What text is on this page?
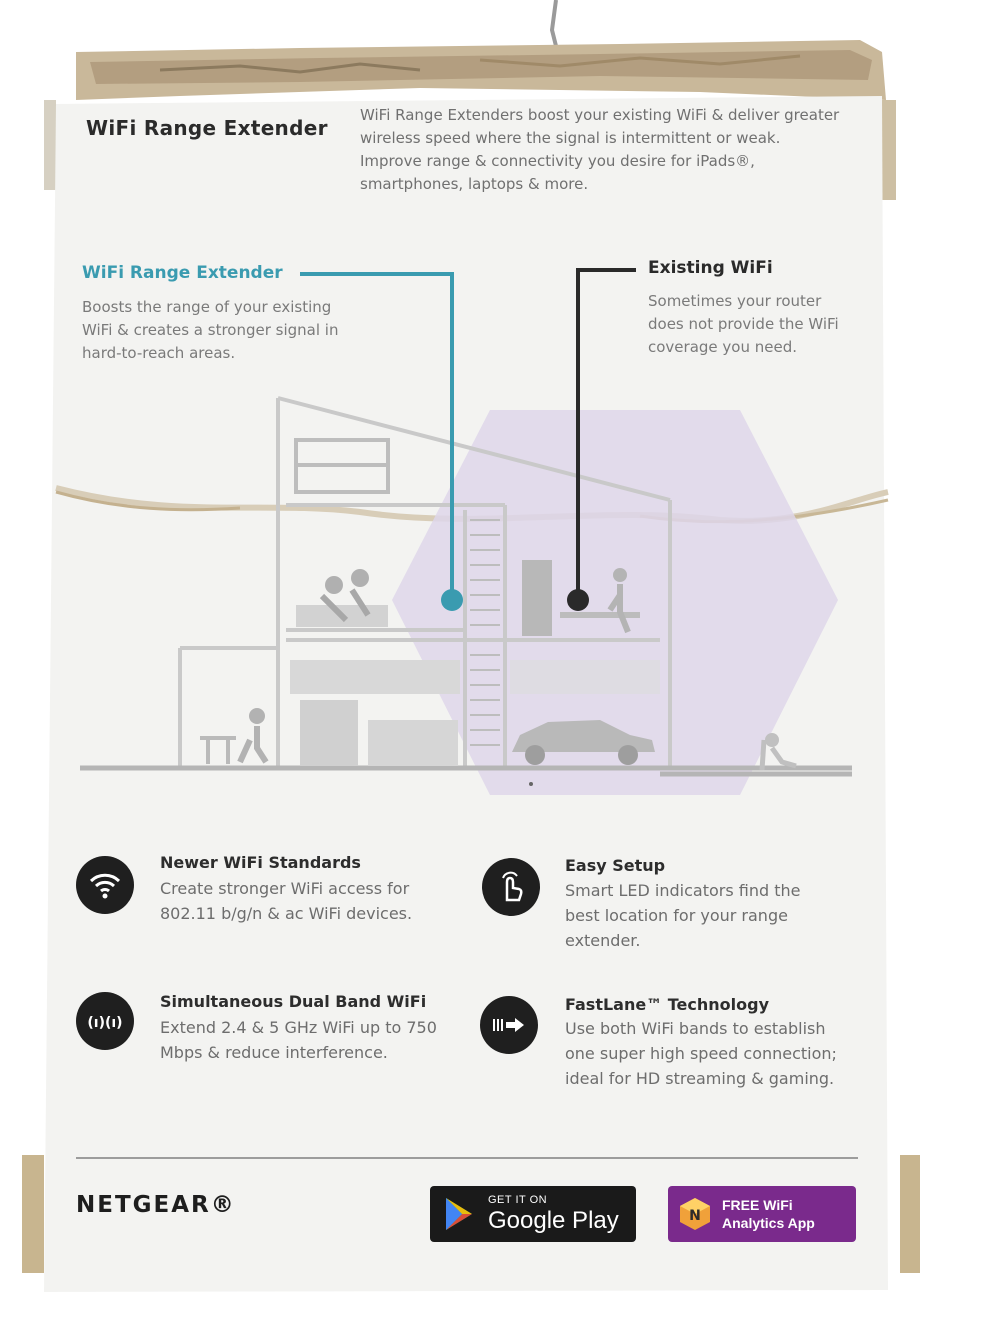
WiFi Range Extender
WiFi Range Extenders boost your existing WiFi & deliver greater wireless speed where the signal is intermittent or weak. Improve range & connectivity you desire for iPads®, smartphones, laptops & more.
WiFi Range Extender
Boosts the range of your existing WiFi & creates a stronger signal in hard-to-reach areas.
Existing WiFi
Sometimes your router does not provide the WiFi coverage you need.
Newer WiFi Standards
Create stronger WiFi access for 802.11 b/g/n & ac WiFi devices.
Easy Setup
Smart LED indicators find the best location for your range extender.
(ı)(ı)
Simultaneous Dual Band WiFi
Extend 2.4 & 5 GHz WiFi up to 750 Mbps & reduce interference.
FastLane™ Technology
Use both WiFi bands to establish one super high speed connection; ideal for HD streaming & gaming.
NETGEAR®	GET IT ON
Google Play	N
FREE WiFi
Analytics App
